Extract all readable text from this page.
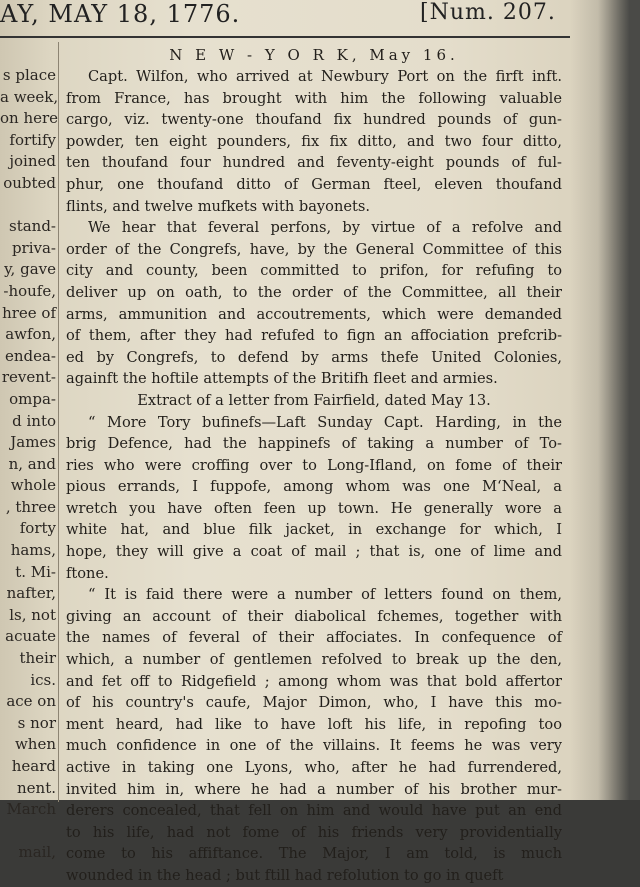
AY, MAY 18, 1776.	[Num. 207.
s place
a week,
on here
fortify
joined
oubted
stand-
priva-
y, gave
-houfe,
hree of
awfon,
endea-
revent-
ompa-
d into
James
n, and
whole
, three
forty
hams,
t. Mi-
nafter,
ls, not
acuate
their
ics.
ace on
s nor
when
heard
nent.
March
mail,
N E W - Y O R K, May 16.
Capt. Wilfon, who arrived at Newbury Port on the firft inft.
from France, has brought with him the following valuable
cargo, viz. twenty-one thoufand fix hundred pounds of gun-
powder, ten eight pounders, fix fix ditto, and two four ditto,
ten thoufand four hundred and feventy-eight pounds of ful-
phur, one thoufand ditto of German fteel, eleven thoufand
flints, and twelve mufkets with bayonets.
We hear that feveral perfons, by virtue of a refolve and
order of the Congrefs, have, by the General Committee of this
city and county, been committed to prifon, for refufing to
deliver up on oath, to the order of the Committee, all their
arms, ammunition and accoutrements, which were demanded
of them, after they had refufed to fign an affociation prefcrib-
ed by Congrefs, to defend by arms thefe United Colonies,
againft the hoftile attempts of the Britifh fleet and armies.
Extract of a letter from Fairfield, dated May 13.
“ More Tory bufinefs—Laft Sunday Capt. Harding, in the
brig Defence, had the happinefs of taking a number of To-
ries who were croffing over to Long-Ifland, on fome of their
pious errands, I fuppofe, among whom was one M‘Neal, a
wretch you have often feen up town. He generally wore a
white hat, and blue filk jacket, in exchange for which, I
hope, they will give a coat of mail ; that is, one of lime and
ftone.
“ It is faid there were a number of letters found on them,
giving an account of their diabolical fchemes, together with
the names of feveral of their affociates. In confequence of
which, a number of gentlemen refolved to break up the den,
and fet off to Ridgefield ; among whom was that bold affertor
of his country's caufe, Major Dimon, who, I have this mo-
ment heard, had like to have loft his life, in repofing too
much confidence in one of the villains. It feems he was very
active in taking one Lyons, who, after he had furrendered,
invited him in, where he had a number of his brother mur-
derers concealed, that fell on him and would have put an end
to his life, had not fome of his friends very providentially
come to his affiftance. The Major, I am told, is much
wounded in the head ; but ftill had refolution to go in queft
